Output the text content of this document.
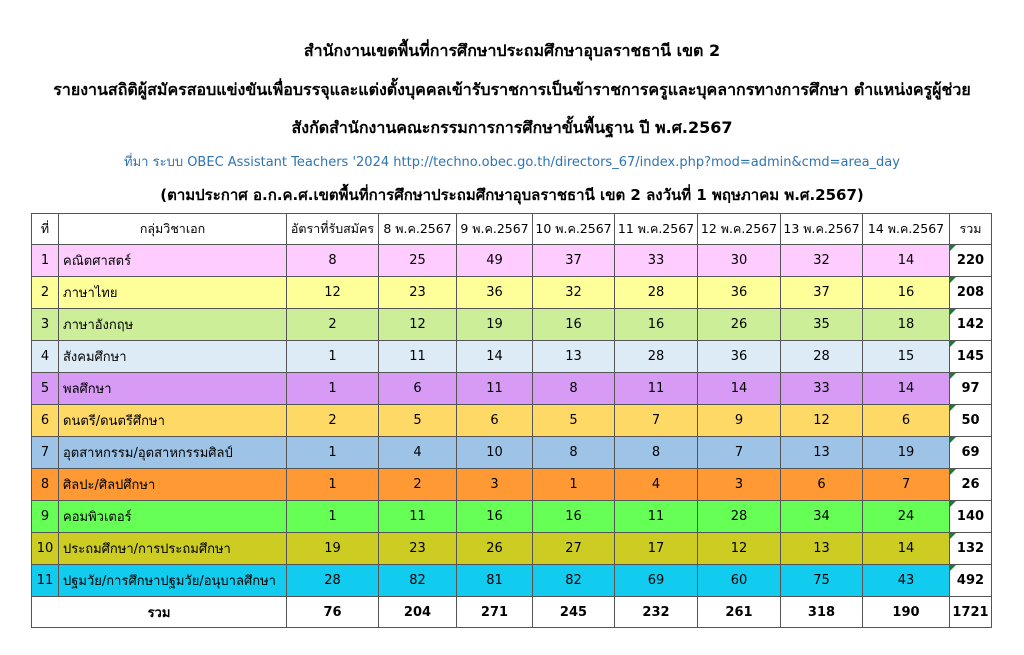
สำนักงานเขตพื้นที่การศึกษาประถมศึกษาอุบลราชธานี เขต 2
รายงานสถิติผู้สมัครสอบแข่งขันเพื่อบรรจุและแต่งตั้งบุคคลเข้ารับราชการเป็นข้าราชการครูและบุคลากรทางการศึกษา ตำแหน่งครูผู้ช่วย
สังกัดสำนักงานคณะกรรมการการศึกษาขั้นพื้นฐาน ปี พ.ศ.2567
ที่มา ระบบ OBEC Assistant Teachers '2024 http://techno.obec.go.th/directors_67/index.php?mod=admin&cmd=area_day
(ตามประกาศ อ.ก.ค.ศ.เขตพื้นที่การศึกษาประถมศึกษาอุบลราชธานี เขต 2 ลงวันที่ 1 พฤษภาคม พ.ศ.2567)
ที่	กลุ่มวิชาเอก	อัตราที่รับสมัคร	8 พ.ค.2567	9 พ.ค.2567	10 พ.ค.2567	11 พ.ค.2567	12 พ.ค.2567	13 พ.ค.2567	14 พ.ค.2567	รวม
1	คณิตศาสตร์	8	25	49	37	33	30	32	14	220
2	ภาษาไทย	12	23	36	32	28	36	37	16	208
3	ภาษาอังกฤษ	2	12	19	16	16	26	35	18	142
4	สังคมศึกษา	1	11	14	13	28	36	28	15	145
5	พลศึกษา	1	6	11	8	11	14	33	14	97
6	ดนตรี/ดนตรีศึกษา	2	5	6	5	7	9	12	6	50
7	อุตสาหกรรม/อุตสาหกรรมศิลป์	1	4	10	8	8	7	13	19	69
8	ศิลปะ/ศิลปศึกษา	1	2	3	1	4	3	6	7	26
9	คอมพิวเตอร์	1	11	16	16	11	28	34	24	140
10	ประถมศึกษา/การประถมศึกษา	19	23	26	27	17	12	13	14	132
11	ปฐมวัย/การศึกษาปฐมวัย/อนุบาลศึกษา	28	82	81	82	69	60	75	43	492
รวม		76	204	271	245	232	261	318	190	1721
